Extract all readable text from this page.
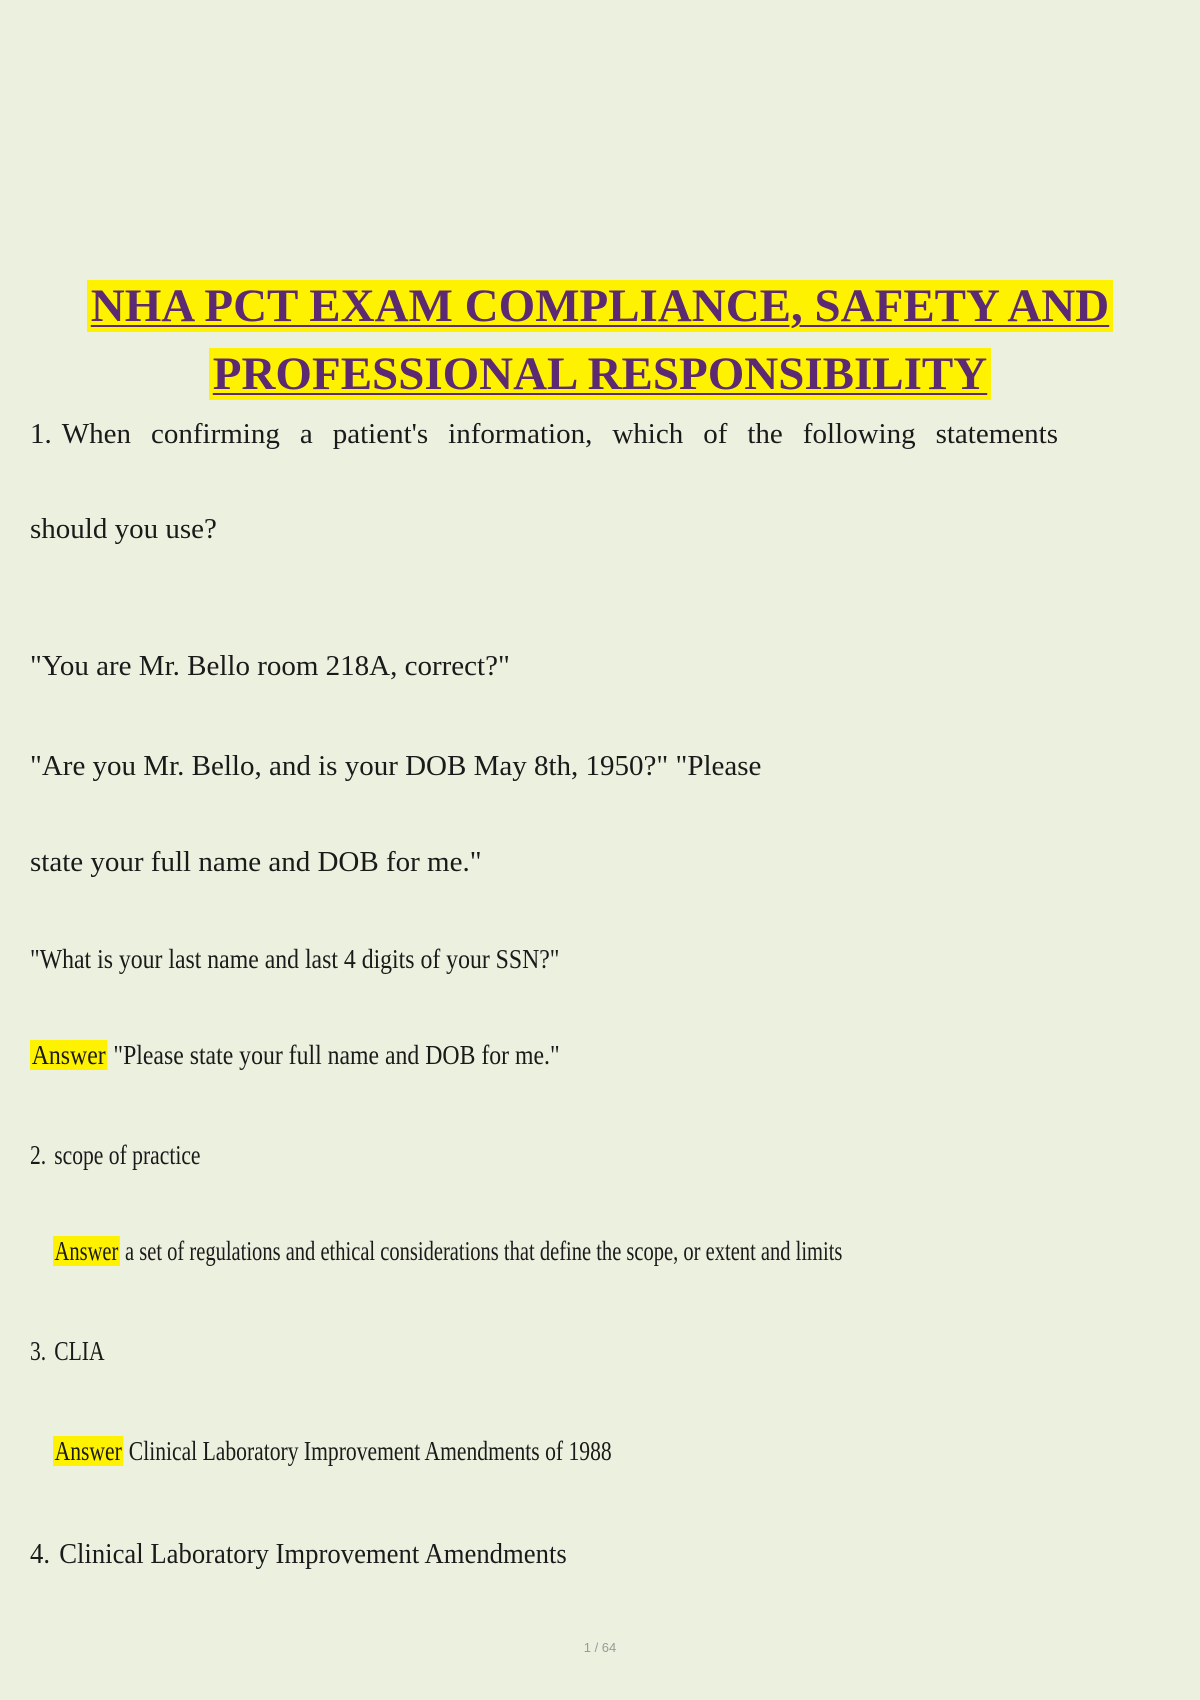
NHA PCT EXAM COMPLIANCE, SAFETY AND
PROFESSIONAL RESPONSIBILITY
1. When confirming a patient's information, which of the following statements
should you use?
"You are Mr. Bello room 218A, correct?"
"Are you Mr. Bello, and is your DOB May 8th, 1950?" "Please
state your full name and DOB for me."
"What is your last name and last 4 digits of your SSN?"
Answer "Please state your full name and DOB for me."
2. scope of practice
Answer a set of regulations and ethical considerations that define the scope, or extent and limits
3. CLIA
Answer Clinical Laboratory Improvement Amendments of 1988
4. Clinical Laboratory Improvement Amendments
1 / 64
